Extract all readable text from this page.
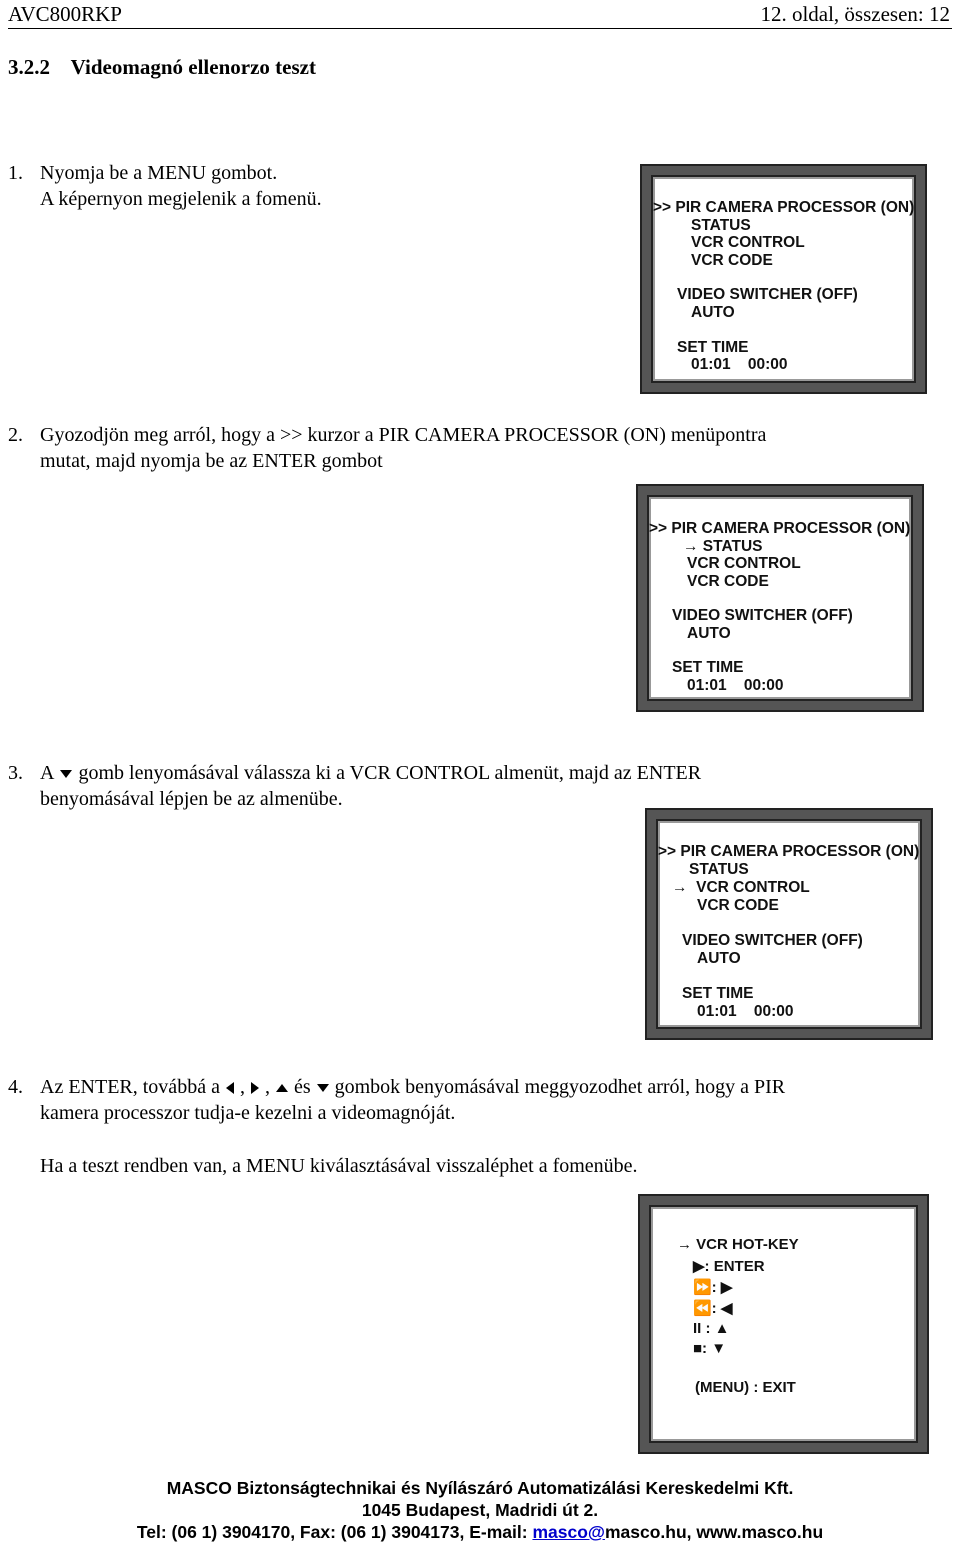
AVC800RKP	12. oldal, összesen: 12
3.2.2    Videomagnó ellenorzo teszt
1. Nyomja be a MENU gombot.
A képernyon megjelenik a fomenü.	>> PIR CAMERA PROCESSOR (ON)
STATUS
VCR CONTROL
VCR CODE
VIDEO SWITCHER (OFF)
AUTO
SET TIME
01:01    00:00
2. Gyozodjön meg arról, hogy a >> kurzor a PIR CAMERA PROCESSOR (ON) menüpontra
mutat, majd nyomja be az ENTER gombot
>> PIR CAMERA PROCESSOR (ON)
→ STATUS
VCR CONTROL
VCR CODE
VIDEO SWITCHER (OFF)
AUTO
SET TIME
01:01    00:00
3. A gomb lenyomásával válassza ki a VCR CONTROL almenüt, majd az ENTER
benyomásával lépjen be az almenübe.
>> PIR CAMERA PROCESSOR (ON)
STATUS
→  VCR CONTROL
VCR CODE
VIDEO SWITCHER (OFF)
AUTO
SET TIME
01:01    00:00
4. Az ENTER, továbbá a , , és gombok benyomásával meggyozodhet arról, hogy a PIR
kamera processzor tudja-e kezelni a videomagnóját.
Ha a teszt rendben van, a MENU kiválasztásával visszaléphet a fomenübe.
→ VCR HOT-KEY
▶: ENTER
⏩: ▶
⏪: ◀
II : ▲
■: ▼
(MENU) : EXIT
MASCO Biztonságtechnikai és Nyílászáró Automatizálási Kereskedelmi Kft.
1045 Budapest, Madridi út 2.
Tel: (06 1) 3904170, Fax: (06 1) 3904173, E-mail: masco@masco.hu, www.masco.hu
